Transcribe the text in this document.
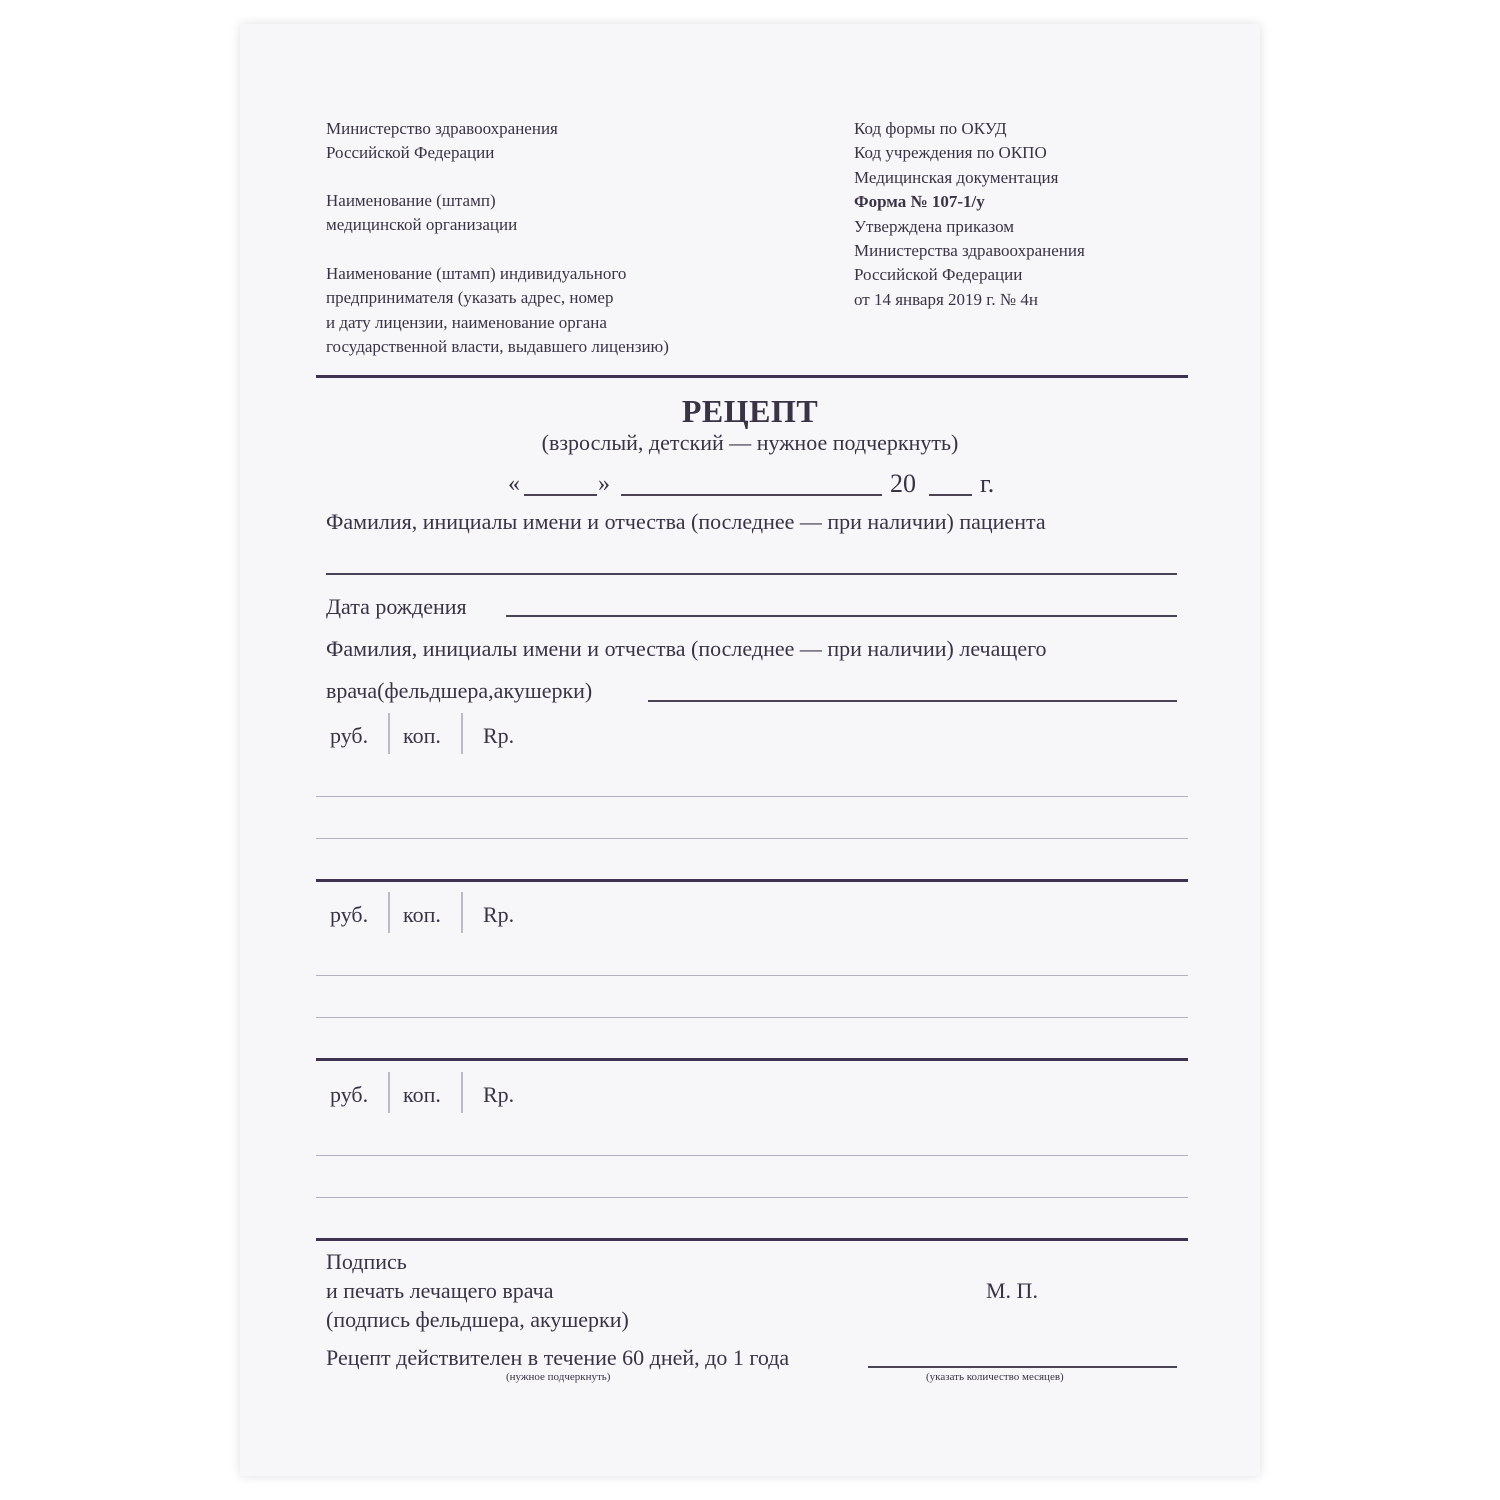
Министерство здравоохранения
Российской Федерации
Наименование (штамп)
медицинской организации
Наименование (штамп) индивидуального
предпринимателя (указать адрес, номер
и дату лицензии, наименование органа
государственной власти, выдавшего лицензию)
Код формы по ОКУД
Код учреждения по ОКПО
Медицинская документация
Форма № 107-1/у
Утверждена приказом
Министерства здравоохранения
Российской Федерации
от 14 января 2019 г. № 4н
РЕЦЕПТ
(взрослый, детский — нужное подчеркнуть)
«	»	20 г.
Фамилия, инициалы имени и отчества (последнее — при наличии) пациента
Дата рождения
Фамилия, инициалы имени и отчества (последнее — при наличии) лечащего
врача(фельдшера,акушерки)
руб. коп. Rp.
руб. коп. Rp.
руб. коп. Rp.
Подпись
и печать лечащего врача
(подпись фельдшера, акушерки)
М. П.
Рецепт действителен в течение 60 дней, до 1 года
(нужное подчеркнуть)	(указать количество месяцев)
